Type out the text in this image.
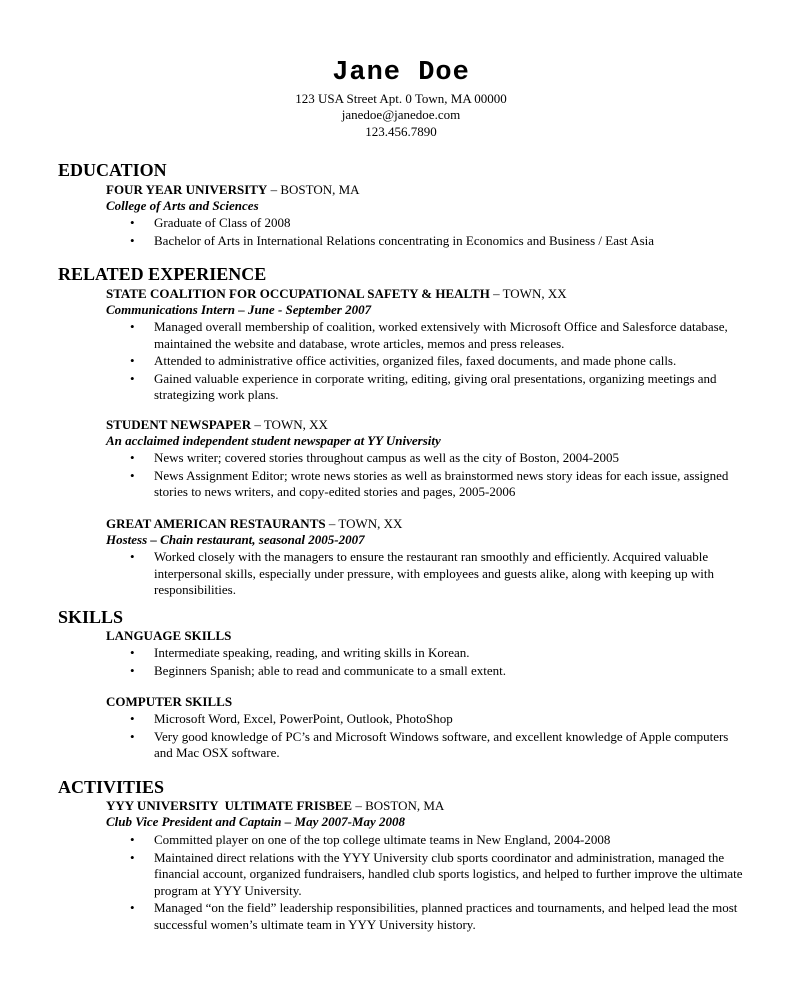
Jane Doe
123 USA Street Apt. 0 Town, MA 00000
janedoe@janedoe.com
123.456.7890
EDUCATION
FOUR YEAR UNIVERSITY – BOSTON, MA
College of Arts and Sciences
• Graduate of Class of 2008
• Bachelor of Arts in International Relations concentrating in Economics and Business / East Asia
RELATED EXPERIENCE
STATE COALITION FOR OCCUPATIONAL SAFETY & HEALTH – TOWN, XX
Communications Intern – June - September 2007
• Managed overall membership of coalition, worked extensively with Microsoft Office and Salesforce database, maintained the website and database, wrote articles, memos and press releases.
• Attended to administrative office activities, organized files, faxed documents, and made phone calls.
• Gained valuable experience in corporate writing, editing, giving oral presentations, organizing meetings and strategizing work plans.
STUDENT NEWSPAPER – TOWN, XX
An acclaimed independent student newspaper at YY University
• News writer; covered stories throughout campus as well as the city of Boston, 2004-2005
• News Assignment Editor; wrote news stories as well as brainstormed news story ideas for each issue, assigned stories to news writers, and copy-edited stories and pages, 2005-2006
GREAT AMERICAN RESTAURANTS – TOWN, XX
Hostess – Chain restaurant, seasonal 2005-2007
• Worked closely with the managers to ensure the restaurant ran smoothly and efficiently. Acquired valuable interpersonal skills, especially under pressure, with employees and guests alike, along with keeping up with responsibilities.
SKILLS
LANGUAGE SKILLS
• Intermediate speaking, reading, and writing skills in Korean.
• Beginners Spanish; able to read and communicate to a small extent.
COMPUTER SKILLS
• Microsoft Word, Excel, PowerPoint, Outlook, PhotoShop
• Very good knowledge of PC’s and Microsoft Windows software, and excellent knowledge of Apple computers and Mac OSX software.
ACTIVITIES
YYY UNIVERSITY  ULTIMATE FRISBEE – BOSTON, MA
Club Vice President and Captain – May 2007-May 2008
• Committed player on one of the top college ultimate teams in New England, 2004-2008
• Maintained direct relations with the YYY University club sports coordinator and administration, managed the financial account, organized fundraisers, handled club sports logistics, and helped to further improve the ultimate program at YYY University.
• Managed “on the field” leadership responsibilities, planned practices and tournaments, and helped lead the most successful women’s ultimate team in YYY University history.
